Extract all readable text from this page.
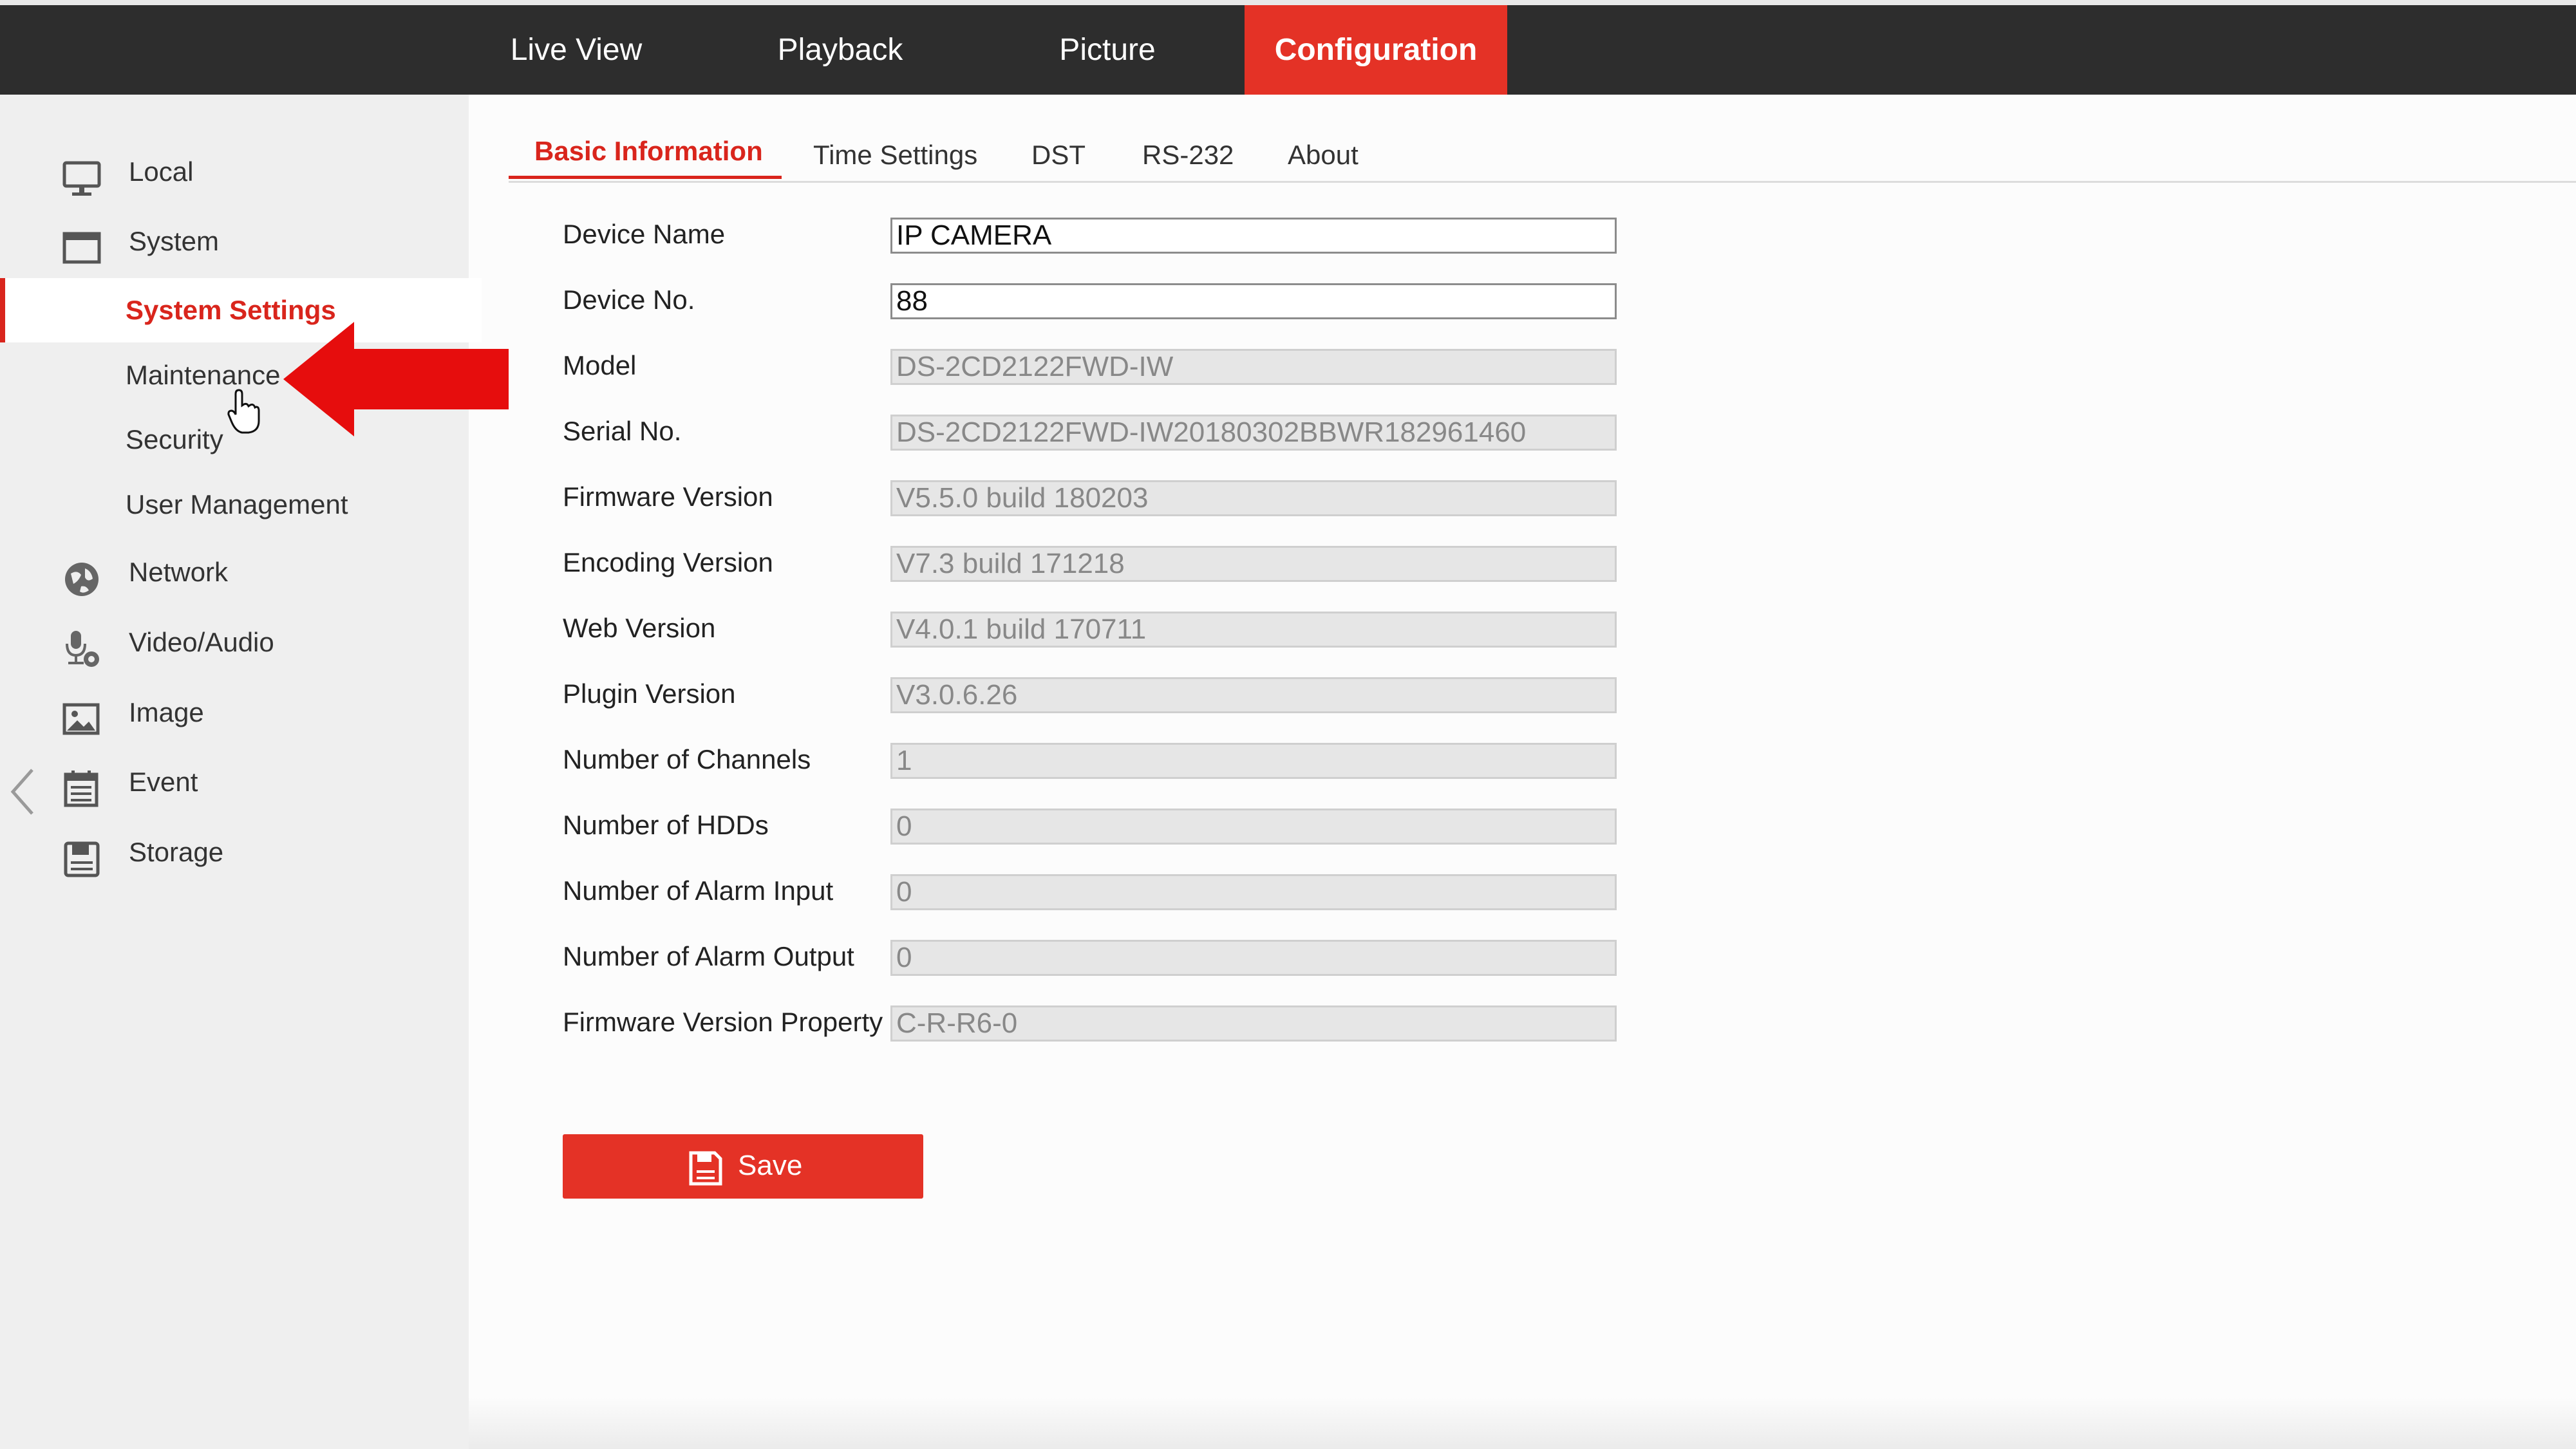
Live View	Playback	Picture	Configuration
Local
System
System Settings
Maintenance
Security
User Management
Network
Video/Audio
Image
Event
Storage
Basic Information Time Settings DST RS-232 About
Device Name	IP CAMERA
Device No.	88
Model	DS-2CD2122FWD-IW
Serial No.	DS-2CD2122FWD-IW20180302BBWR182961460
Firmware Version	V5.5.0 build 180203
Encoding Version	V7.3 build 171218
Web Version	V4.0.1 build 170711
Plugin Version	V3.0.6.26
Number of Channels	1
Number of HDDs	0
Number of Alarm Input 0
Number of Alarm Output 0
Firmware Version Property C-R-R6-0
Save
